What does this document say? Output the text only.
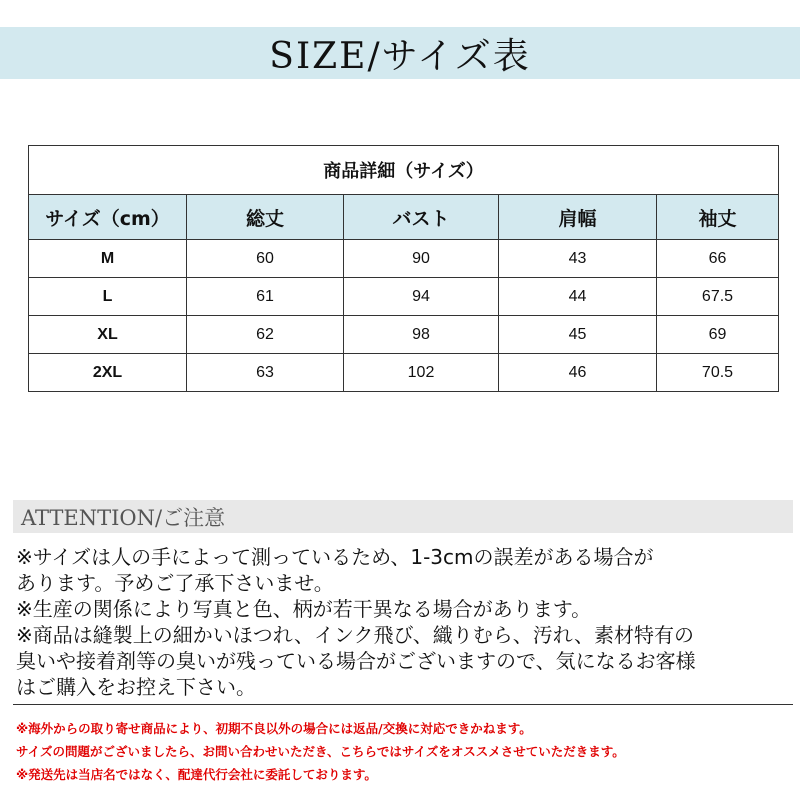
SIZE/サイズ表
商品詳細（サイズ）				
サイズ（cm）	総丈	バスト	肩幅	袖丈
M	60	90	43	66
L	61	94	44	67.5
XL	62	98	45	69
2XL	63	102	46	70.5
ATTENTION/ご注意
※サイズは人の手によって測っているため、1-3cmの誤差がある場合が
あります。予めご了承下さいませ。
※生産の関係により写真と色、柄が若干異なる場合があります。
※商品は縫製上の細かいほつれ、インク飛び、織りむら、汚れ、素材特有の
臭いや接着剤等の臭いが残っている場合がございますので、気になるお客様
はご購入をお控え下さい。
※海外からの取り寄せ商品により、初期不良以外の場合には返品/交換に対応できかねます。
サイズの問題がございましたら、お問い合わせいただき、こちらではサイズをオススメさせていただきます。
※発送先は当店名ではなく、配達代行会社に委託しております。
